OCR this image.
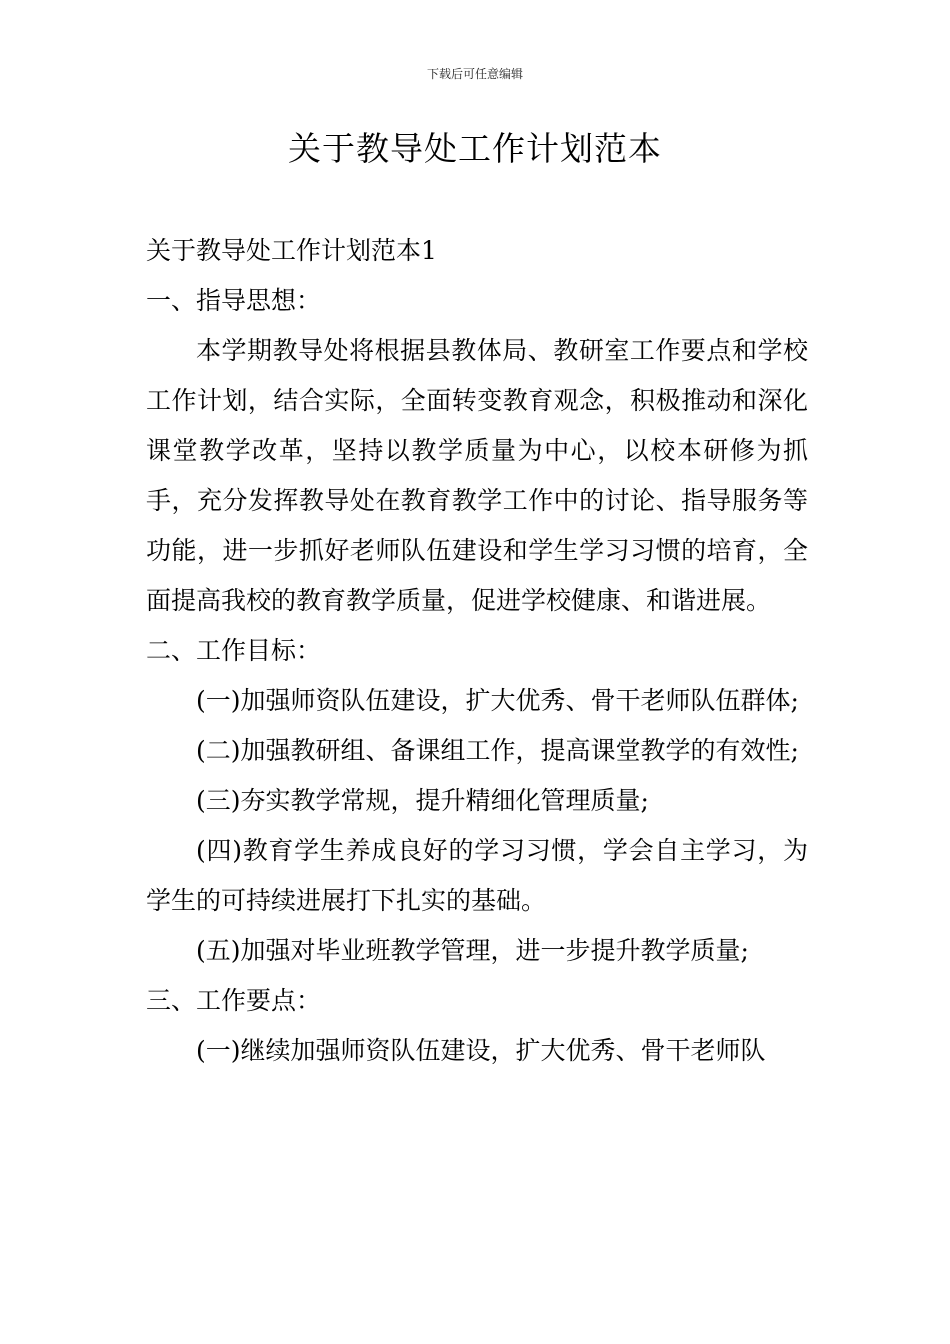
下载后可任意编辑
关于教导处工作计划范本

关于教导处工作计划范本1

一、指导思想：

本学期教导处将根据县教体局、教研室工作要点和学校工作计划，结合实际，全面转变教育观念，积极推动和深化课堂教学改革，坚持以教学质量为中心，以校本研修为抓手，充分发挥教导处在教育教学工作中的讨论、指导服务等功能，进一步抓好老师队伍建设和学生学习习惯的培育，全面提高我校的教育教学质量，促进学校健康、和谐进展。

二、工作目标：

(一)加强师资队伍建设，扩大优秀、骨干老师队伍群体;

(二)加强教研组、备课组工作，提高课堂教学的有效性;

(三)夯实教学常规，提升精细化管理质量;

(四)教育学生养成良好的学习习惯，学会自主学习，为学生的可持续进展打下扎实的基础。

(五)加强对毕业班教学管理，进一步提升教学质量;

三、工作要点：

(一)继续加强师资队伍建设，扩大优秀、骨干老师队
